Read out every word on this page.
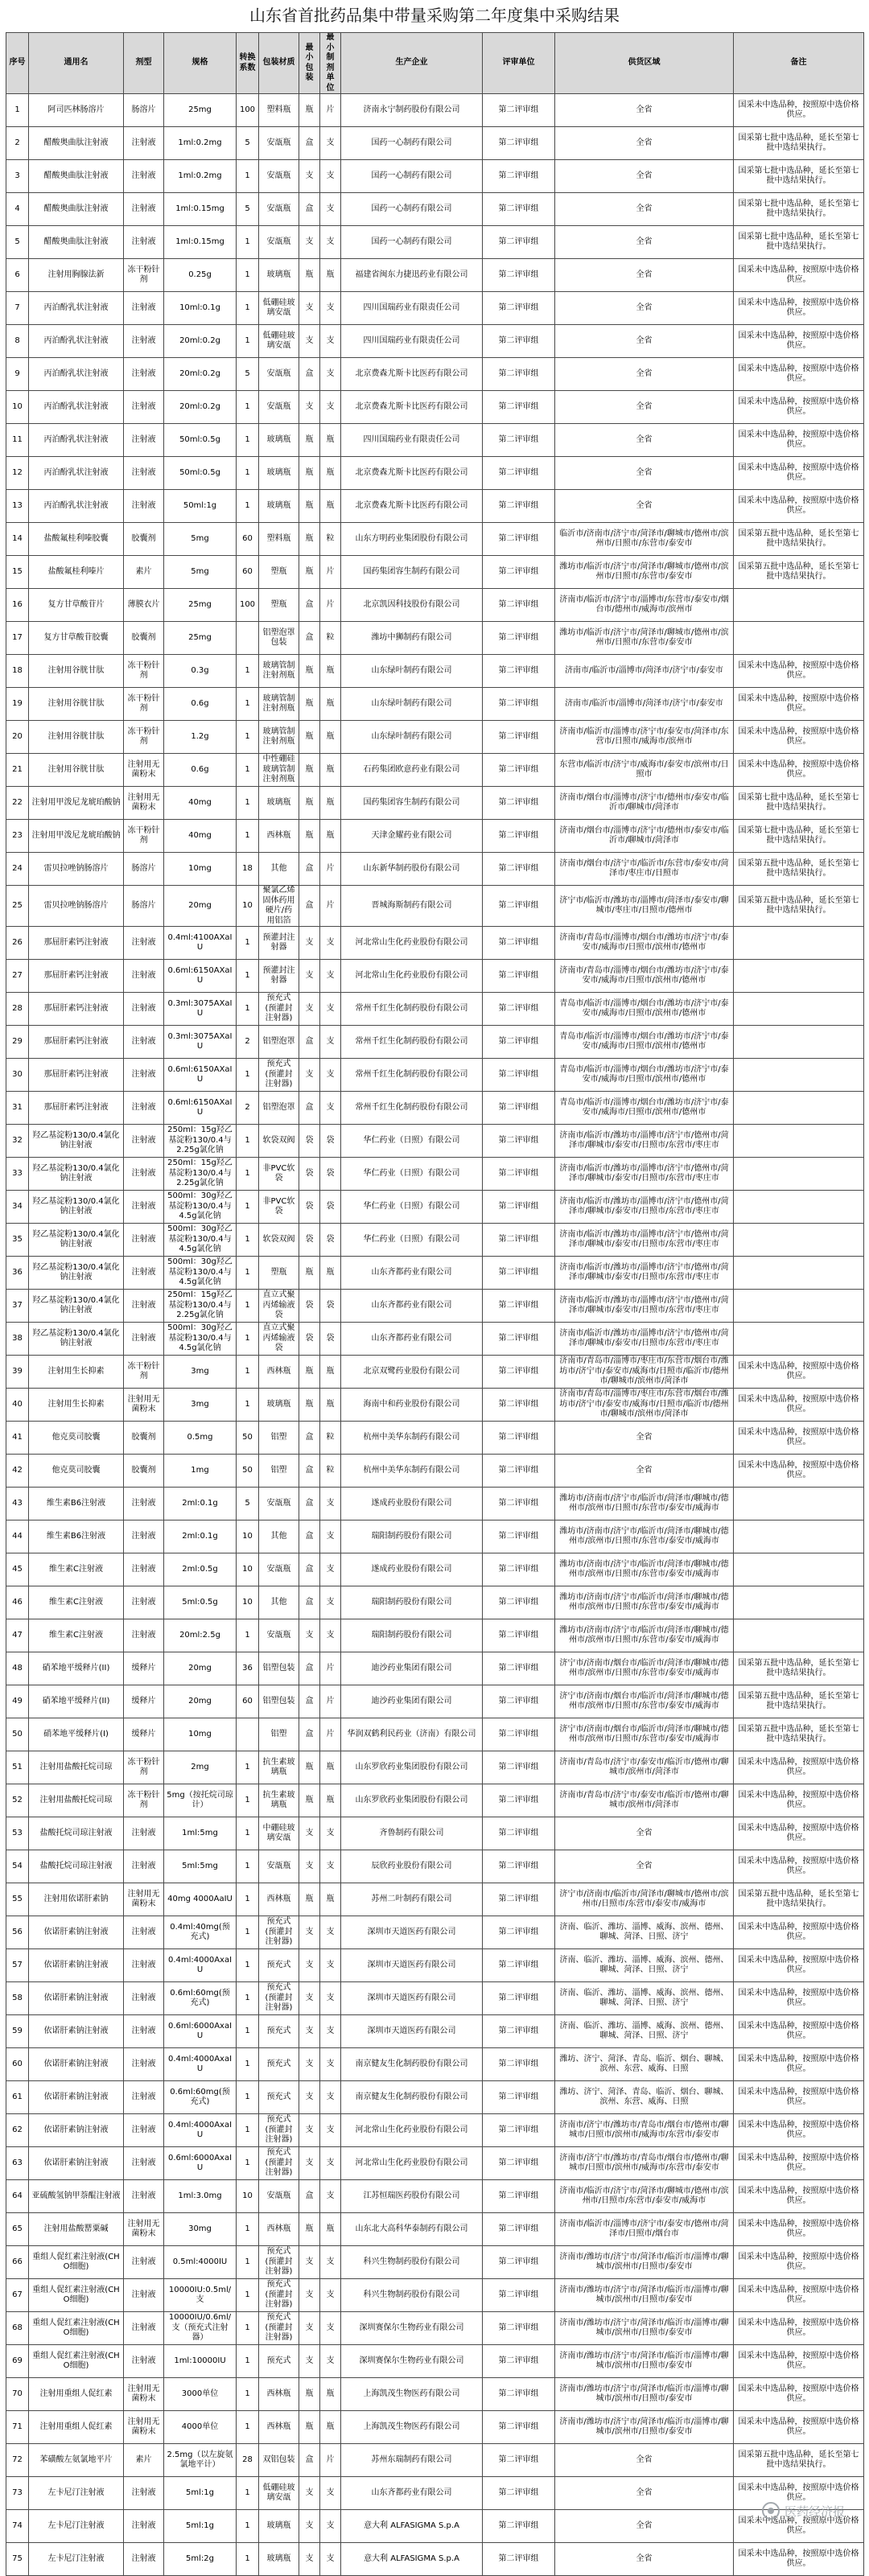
山东省首批药品集中带量采购第二年度集中采购结果
序号	通用名	剂型	规格	转换系数	包装材质	最小包装	最小制剂单位	生产企业	评审单位	供货区域	备注
1	阿司匹林肠溶片	肠溶片	25mg	100	塑料瓶	瓶	片	济南永宁制药股份有限公司	第二评审组	全省	国采未中选品种，按照原中选价格供应。
2	醋酸奥曲肽注射液	注射液	1ml:0.2mg	5	安瓿瓶	盒	支	国药一心制药有限公司	第二评审组	全省	国采第七批中选品种，延长至第七批中选结果执行。
3	醋酸奥曲肽注射液	注射液	1ml:0.2mg	1	安瓿瓶	支	支	国药一心制药有限公司	第二评审组	全省	国采第七批中选品种，延长至第七批中选结果执行。
4	醋酸奥曲肽注射液	注射液	1ml:0.15mg	5	安瓿瓶	盒	支	国药一心制药有限公司	第二评审组	全省	国采第七批中选品种，延长至第七批中选结果执行。
5	醋酸奥曲肽注射液	注射液	1ml:0.15mg	1	安瓿瓶	支	支	国药一心制药有限公司	第二评审组	全省	国采第七批中选品种，延长至第七批中选结果执行。
6	注射用胸腺法新	冻干粉针剂	0.25g	1	玻璃瓶	瓶	瓶	福建省闽东力捷迅药业有限公司	第二评审组	全省	国采未中选品种，按照原中选价格供应。
7	丙泊酚乳状注射液	注射液	10ml:0.1g	1	低硼硅玻璃安瓿	支	支	四川国瑞药业有限责任公司	第二评审组	全省	国采未中选品种，按照原中选价格供应。
8	丙泊酚乳状注射液	注射液	20ml:0.2g	1	低硼硅玻璃安瓿	支	支	四川国瑞药业有限责任公司	第二评审组	全省	国采未中选品种，按照原中选价格供应。
9	丙泊酚乳状注射液	注射液	20ml:0.2g	5	安瓿瓶	盒	支	北京费森尤斯卡比医药有限公司	第二评审组	全省	国采未中选品种，按照原中选价格供应。
10	丙泊酚乳状注射液	注射液	20ml:0.2g	1	安瓿瓶	支	支	北京费森尤斯卡比医药有限公司	第二评审组	全省	国采未中选品种，按照原中选价格供应。
11	丙泊酚乳状注射液	注射液	50ml:0.5g	1	玻璃瓶	瓶	瓶	四川国瑞药业有限责任公司	第二评审组	全省	国采未中选品种，按照原中选价格供应。
12	丙泊酚乳状注射液	注射液	50ml:0.5g	1	玻璃瓶	瓶	瓶	北京费森尤斯卡比医药有限公司	第二评审组	全省	国采未中选品种，按照原中选价格供应。
13	丙泊酚乳状注射液	注射液	50ml:1g	1	玻璃瓶	瓶	瓶	北京费森尤斯卡比医药有限公司	第二评审组	全省	国采未中选品种，按照原中选价格供应。
14	盐酸氟桂利嗪胶囊	胶囊剂	5mg	60	塑料瓶	瓶	粒	山东方明药业集团股份有限公司	第二评审组	临沂市/济南市/济宁市/菏泽市/聊城市/德州市/滨州市/日照市/东营市/泰安市	国采第五批中选品种，延长至第七批中选结果执行。
15	盐酸氟桂利嗪片	素片	5mg	60	塑瓶	瓶	片	国药集团容生制药有限公司	第二评审组	潍坊市/临沂市/济宁市/菏泽市/聊城市/德州市/滨州市/日照市/东营市/泰安市	国采第五批中选品种，延长至第七批中选结果执行。
16	复方甘草酸苷片	薄膜衣片	25mg	100	塑瓶	盒	片	北京凯因科技股份有限公司	第二评审组	济南市/临沂市/济宁市/淄博市/东营市/泰安市/烟台市/德州市/威海市/滨州市	
17	复方甘草酸苷胶囊	胶囊剂	25mg		铝塑泡罩包装	盒	粒	潍坊中狮制药有限公司	第二评审组	潍坊市/临沂市/济宁市/菏泽市/聊城市/德州市/滨州市/日照市/东营市/泰安市	
18	注射用谷胱甘肽	冻干粉针剂	0.3g	1	玻璃管制注射剂瓶	瓶	瓶	山东绿叶制药有限公司	第二评审组	济南市/临沂市/淄博市/菏泽市/济宁市/泰安市	国采未中选品种，按照原中选价格供应。
19	注射用谷胱甘肽	冻干粉针剂	0.6g	1	玻璃管制注射剂瓶	瓶	瓶	山东绿叶制药有限公司	第二评审组	济南市/临沂市/淄博市/菏泽市/济宁市/泰安市	国采未中选品种，按照原中选价格供应。
20	注射用谷胱甘肽	冻干粉针剂	1.2g	1	玻璃管制注射剂瓶	瓶	瓶	山东绿叶制药有限公司	第二评审组	济南市/临沂市/淄博市/济宁市/泰安市/菏泽市/东营市/日照市/威海市/滨州市	国采未中选品种，按照原中选价格供应。
21	注射用谷胱甘肽	注射用无菌粉末	0.6g	1	中性硼硅玻璃管制注射剂瓶	瓶	瓶	石药集团欧意药业有限公司	第二评审组	东营市/临沂市/济宁市/威海市/泰安市/滨州市/日照市	国采未中选品种，按照原中选价格供应。
22	注射用甲泼尼龙琥珀酸钠	注射用无菌粉末	40mg	1	玻璃瓶	瓶	瓶	国药集团容生制药有限公司	第二评审组	济南市/烟台市/淄博市/济宁市/德州市/泰安市/临沂市/聊城市/菏泽市	国采第七批中选品种，延长至第七批中选结果执行。
23	注射用甲泼尼龙琥珀酸钠	冻干粉针剂	40mg	1	西林瓶	瓶	瓶	天津金耀药业有限公司	第二评审组	济南市/烟台市/淄博市/济宁市/德州市/泰安市/临沂市/聊城市/菏泽市	国采第七批中选品种，延长至第七批中选结果执行。
24	雷贝拉唑钠肠溶片	肠溶片	10mg	18	其他	盒	片	山东新华制药股份有限公司	第二评审组	济南市/烟台市/济宁市/临沂市/东营市/泰安市/菏泽市/枣庄市/日照市	国采第五批中选品种，延长至第七批中选结果执行。
25	雷贝拉唑钠肠溶片	肠溶片	20mg	10	聚氯乙烯固体药用硬片/药用铝箔	盒	片	晋城海斯制药有限公司	第二评审组	济宁市/临沂市/潍坊市/淄博市/菏泽市/泰安市/聊城市/枣庄市/日照市/德州市	国采第五批中选品种，延长至第七批中选结果执行。
26	那屈肝素钙注射液	注射液	0.4ml:4100AXaIU	1	预灌封注射器	支	支	河北常山生化药业股份有限公司	第二评审组	济南市/青岛市/淄博市/烟台市/潍坊市/济宁市/泰安市/威海市/日照市/滨州市/德州市	
27	那屈肝素钙注射液	注射液	0.6ml:6150AXaIU	1	预灌封注射器	支	支	河北常山生化药业股份有限公司	第二评审组	济南市/青岛市/淄博市/烟台市/潍坊市/济宁市/泰安市/威海市/日照市/滨州市/德州市	
28	那屈肝素钙注射液	注射液	0.3ml:3075AXaIU	1	预充式(预灌封注射器)	支	支	常州千红生化制药股份有限公司	第二评审组	青岛市/临沂市/淄博市/烟台市/潍坊市/济宁市/泰安市/威海市/日照市/滨州市/德州市	
29	那屈肝素钙注射液	注射液	0.3ml:3075AXaIU	2	铝塑泡罩	盒	支	常州千红生化制药股份有限公司	第二评审组	青岛市/临沂市/淄博市/烟台市/潍坊市/济宁市/泰安市/威海市/日照市/滨州市/德州市	
30	那屈肝素钙注射液	注射液	0.6ml:6150AXaIU	1	预充式(预灌封注射器)	支	支	常州千红生化制药股份有限公司	第二评审组	青岛市/临沂市/淄博市/烟台市/潍坊市/济宁市/泰安市/威海市/日照市/滨州市/德州市	
31	那屈肝素钙注射液	注射液	0.6ml:6150AXaIU	2	铝塑泡罩	盒	支	常州千红生化制药股份有限公司	第二评审组	青岛市/临沂市/淄博市/烟台市/潍坊市/济宁市/泰安市/威海市/日照市/滨州市/德州市	
32	羟乙基淀粉130/0.4氯化钠注射液	注射液	250ml：15g羟乙基淀粉130/0.4与2.25g氯化钠	1	软袋双阀	袋	袋	华仁药业（日照）有限公司	第二评审组	济南市/临沂市/潍坊市/淄博市/济宁市/德州市/菏泽市/聊城市/泰安市/日照市/东营市/枣庄市	
33	羟乙基淀粉130/0.4氯化钠注射液	注射液	250ml：15g羟乙基淀粉130/0.4与2.25g氯化钠	1	非PVC软袋	袋	袋	华仁药业（日照）有限公司	第二评审组	济南市/临沂市/潍坊市/淄博市/济宁市/德州市/菏泽市/聊城市/泰安市/日照市/东营市/枣庄市	
34	羟乙基淀粉130/0.4氯化钠注射液	注射液	500ml：30g羟乙基淀粉130/0.4与4.5g氯化钠	1	非PVC软袋	袋	袋	华仁药业（日照）有限公司	第二评审组	济南市/临沂市/潍坊市/淄博市/济宁市/德州市/菏泽市/聊城市/泰安市/日照市/东营市/枣庄市	
35	羟乙基淀粉130/0.4氯化钠注射液	注射液	500ml：30g羟乙基淀粉130/0.4与4.5g氯化钠	1	软袋双阀	袋	袋	华仁药业（日照）有限公司	第二评审组	济南市/临沂市/潍坊市/淄博市/济宁市/德州市/菏泽市/聊城市/泰安市/日照市/东营市/枣庄市	
36	羟乙基淀粉130/0.4氯化钠注射液	注射液	500ml：30g羟乙基淀粉130/0.4与4.5g氯化钠	1	塑瓶	瓶	瓶	山东齐都药业有限公司	第二评审组	济南市/临沂市/潍坊市/淄博市/济宁市/德州市/菏泽市/聊城市/泰安市/日照市/东营市/枣庄市	
37	羟乙基淀粉130/0.4氯化钠注射液	注射液	250ml：15g羟乙基淀粉130/0.4与2.25g氯化钠	1	直立式聚丙烯输液袋	袋	袋	山东齐都药业有限公司	第二评审组	济南市/临沂市/潍坊市/淄博市/济宁市/德州市/菏泽市/聊城市/泰安市/日照市/东营市/枣庄市	
38	羟乙基淀粉130/0.4氯化钠注射液	注射液	500ml：30g羟乙基淀粉130/0.4与4.5g氯化钠	1	直立式聚丙烯输液袋	袋	袋	山东齐都药业有限公司	第二评审组	济南市/临沂市/潍坊市/淄博市/济宁市/德州市/菏泽市/聊城市/泰安市/日照市/东营市/枣庄市	
39	注射用生长抑素	冻干粉针剂	3mg	1	西林瓶	瓶	瓶	北京双鹭药业股份有限公司	第二评审组	济南市/青岛市/淄博市/枣庄市/东营市/烟台市/潍坊市/济宁市/泰安市/威海市/日照市/临沂市/德州市/聊城市/滨州市/菏泽市	国采未中选品种，按照原中选价格供应。
40	注射用生长抑素	注射用无菌粉末	3mg	1	玻璃瓶	瓶	瓶	海南中和药业股份有限公司	第二评审组	济南市/青岛市/淄博市/枣庄市/东营市/烟台市/潍坊市/济宁市/泰安市/威海市/日照市/临沂市/德州市/聊城市/滨州市/菏泽市	国采未中选品种，按照原中选价格供应。
41	他克莫司胶囊	胶囊剂	0.5mg	50	铝塑	盒	粒	杭州中美华东制药有限公司	第二评审组	全省	国采未中选品种，按照原中选价格供应。
42	他克莫司胶囊	胶囊剂	1mg	50	铝塑	盒	粒	杭州中美华东制药有限公司	第二评审组	全省	国采未中选品种，按照原中选价格供应。
43	维生素B6注射液	注射液	2ml:0.1g	5	安瓿瓶	盒	支	遂成药业股份有限公司	第二评审组	潍坊市/济南市/济宁市/临沂市/菏泽市/聊城市/德州市/滨州市/日照市/东营市/泰安市/威海市	
44	维生素B6注射液	注射液	2ml:0.1g	10	其他	盒	支	瑞阳制药股份有限公司	第二评审组	潍坊市/济南市/济宁市/临沂市/菏泽市/聊城市/德州市/滨州市/日照市/东营市/泰安市/威海市	
45	维生素C注射液	注射液	2ml:0.5g	10	安瓿瓶	盒	支	遂成药业股份有限公司	第二评审组	潍坊市/济南市/济宁市/临沂市/菏泽市/聊城市/德州市/滨州市/日照市/东营市/泰安市/威海市	
46	维生素C注射液	注射液	5ml:0.5g	10	其他	盒	支	瑞阳制药股份有限公司	第二评审组	潍坊市/济南市/济宁市/临沂市/菏泽市/聊城市/德州市/滨州市/日照市/东营市/泰安市/威海市	
47	维生素C注射液	注射液	20ml:2.5g	1	安瓿瓶	支	支	瑞阳制药股份有限公司	第二评审组	潍坊市/济南市/济宁市/临沂市/菏泽市/聊城市/德州市/滨州市/日照市/东营市/泰安市/威海市	
48	硝苯地平缓释片(II)	缓释片	20mg	36	铝塑包装	盒	片	迪沙药业集团有限公司	第二评审组	济宁市/济南市/烟台市/临沂市/菏泽市/聊城市/德州市/滨州市/日照市/东营市/泰安市/威海市	国采第五批中选品种，延长至第七批中选结果执行。
49	硝苯地平缓释片(II)	缓释片	20mg	60	铝塑包装	盒	片	迪沙药业集团有限公司	第二评审组	济宁市/济南市/烟台市/临沂市/菏泽市/聊城市/德州市/滨州市/日照市/东营市/泰安市/威海市	国采第五批中选品种，延长至第七批中选结果执行。
50	硝苯地平缓释片(I)	缓释片	10mg		铝塑	盒	片	华润双鹤利民药业（济南）有限公司	第二评审组	济宁市/济南市/烟台市/临沂市/菏泽市/聊城市/德州市/滨州市/日照市/东营市/泰安市/威海市	国采第五批中选品种，延长至第七批中选结果执行。
51	注射用盐酸托烷司琼	冻干粉针剂	2mg	1	抗生素玻璃瓶	瓶	瓶	山东罗欣药业集团股份有限公司	第二评审组	济南市/青岛市/济宁市/泰安市/临沂市/德州市/聊城市/滨州市/菏泽市	国采未中选品种，按照原中选价格供应。
52	注射用盐酸托烷司琼	冻干粉针剂	5mg（按托烷司琼计）	1	抗生素玻璃瓶	瓶	瓶	山东罗欣药业集团股份有限公司	第二评审组	济南市/青岛市/济宁市/泰安市/临沂市/德州市/聊城市/滨州市/菏泽市	国采未中选品种，按照原中选价格供应。
53	盐酸托烷司琼注射液	注射液	1ml:5mg	1	中硼硅玻璃安瓿	支	支	齐鲁制药有限公司	第二评审组	全省	国采未中选品种，按照原中选价格供应。
54	盐酸托烷司琼注射液	注射液	5ml:5mg	1	安瓿瓶	支	支	辰欣药业股份有限公司	第二评审组	全省	国采未中选品种，按照原中选价格供应。
55	注射用依诺肝素钠	注射用无菌粉末	40mg 4000AaIU	1	西林瓶	瓶	瓶	苏州二叶制药有限公司	第二评审组	济宁市/济南市/临沂市/菏泽市/聊城市/德州市/滨州市/日照市/东营市/泰安市/威海市	国采第五批中选品种，延长至第七批中选结果执行。
56	依诺肝素钠注射液	注射液	0.4ml:40mg(预充式)	1	预充式(预灌封注射器)	支	支	深圳市天道医药有限公司	第二评审组	济南、临沂、潍坊、淄博、威海、滨州、德州、聊城、菏泽、日照、济宁	国采未中选品种，按照原中选价格供应。
57	依诺肝素钠注射液	注射液	0.4ml:4000AxaIU	1	预充式	支	支	深圳市天道医药有限公司	第二评审组	济南、临沂、潍坊、淄博、威海、滨州、德州、聊城、菏泽、日照、济宁	国采未中选品种，按照原中选价格供应。
58	依诺肝素钠注射液	注射液	0.6ml:60mg(预充式)	1	预充式(预灌封注射器)	支	支	深圳市天道医药有限公司	第二评审组	济南、临沂、潍坊、淄博、威海、滨州、德州、聊城、菏泽、日照、济宁	国采未中选品种，按照原中选价格供应。
59	依诺肝素钠注射液	注射液	0.6ml:6000AxaIU	1	预充式	支	支	深圳市天道医药有限公司	第二评审组	济南、临沂、潍坊、淄博、威海、滨州、德州、聊城、菏泽、日照、济宁	国采未中选品种，按照原中选价格供应。
60	依诺肝素钠注射液	注射液	0.4ml:4000AxaIU	1	预充式	支	支	南京健友生化制药股份有限公司	第二评审组	潍坊、济宁、菏泽、青岛、临沂、烟台、聊城、滨州、东营、威海、日照	国采未中选品种，按照原中选价格供应。
61	依诺肝素钠注射液	注射液	0.6ml:60mg(预充式)	1	预充式	支	支	南京健友生化制药股份有限公司	第二评审组	潍坊、济宁、菏泽、青岛、临沂、烟台、聊城、滨州、东营、威海、日照	国采未中选品种，按照原中选价格供应。
62	依诺肝素钠注射液	注射液	0.4ml:4000AxaIU	1	预充式(预灌封注射器)	支	支	河北常山生化药业股份有限公司	第二评审组	济南市/济宁市/潍坊市/青岛市/烟台市/德州市/聊城市/日照市/滨州市/威海市/东营市/泰安市	国采未中选品种，按照原中选价格供应。
63	依诺肝素钠注射液	注射液	0.6ml:6000AxaIU	1	预充式(预灌封注射器)	支	支	河北常山生化药业股份有限公司	第二评审组	济南市/济宁市/潍坊市/青岛市/烟台市/德州市/聊城市/日照市/滨州市/威海市/东营市/泰安市	国采未中选品种，按照原中选价格供应。
64	亚硫酸氢钠甲萘醌注射液	注射液	1ml:3.0mg	10	安瓿瓶	盒	支	江苏恒瑞医药股份有限公司	第二评审组	济南市/临沂市/济宁市/菏泽市/聊城市/德州市/滨州市/日照市/东营市/泰安市/威海市	国采未中选品种，按照原中选价格供应。
65	注射用盐酸罂粟碱	注射用无菌粉末	30mg	1	西林瓶	瓶	瓶	山东北大高科华泰制药有限公司	第二评审组	济南市/临沂市/淄博市/济宁市/泰安市/德州市/菏泽市/日照市/烟台市	国采未中选品种，按照原中选价格供应。
66	重组人促红素注射液(CHO细胞)	注射液	0.5ml:4000IU	1	预充式(预灌封注射器)	支	支	科兴生物制药股份有限公司	第二评审组	济南市/潍坊市/济宁市/菏泽市/临沂市/淄博市/聊城市/滨州市/日照市/泰安市	国采未中选品种，按照原中选价格供应。
67	重组人促红素注射液(CHO细胞)	注射液	10000IU:0.5ml/支	1	预充式(预灌封注射器)	支	支	科兴生物制药股份有限公司	第二评审组	济南市/潍坊市/济宁市/菏泽市/临沂市/淄博市/聊城市/滨州市/日照市/泰安市	国采未中选品种，按照原中选价格供应。
68	重组人促红素注射液(CHO细胞)	注射液	10000IU/0.6ml/支（预充式注射器）	1	预充式(预灌封注射器)	支	支	深圳赛保尔生物药业有限公司	第二评审组	济南市/潍坊市/济宁市/菏泽市/临沂市/淄博市/聊城市/滨州市/日照市/泰安市	国采未中选品种，按照原中选价格供应。
69	重组人促红素注射液(CHO细胞)	注射液	1ml:10000IU	1	预充式	支	支	深圳赛保尔生物药业有限公司	第二评审组	济南市/潍坊市/济宁市/菏泽市/临沂市/淄博市/聊城市/滨州市/日照市/泰安市	国采未中选品种，按照原中选价格供应。
70	注射用重组人促红素	注射用无菌粉末	3000单位	1	西林瓶	瓶	瓶	上海凯茂生物医药有限公司	第二评审组	济南市/潍坊市/济宁市/菏泽市/临沂市/淄博市/聊城市/滨州市/日照市/泰安市	国采未中选品种，按照原中选价格供应。
71	注射用重组人促红素	注射用无菌粉末	4000单位	1	西林瓶	瓶	瓶	上海凯茂生物医药有限公司	第二评审组	济南市/潍坊市/济宁市/菏泽市/临沂市/淄博市/聊城市/滨州市/日照市/泰安市	国采未中选品种，按照原中选价格供应。
72	苯磺酸左氨氯地平片	素片	2.5mg（以左旋氨氯地平计）	28	双铝包装	盒	片	苏州东瑞制药有限公司	第二评审组	全省	国采第五批中选品种，延长至第七批中选结果执行。
73	左卡尼汀注射液	注射液	5ml:1g	1	低硼硅玻璃安瓿	支	支	山东齐都药业有限公司	第二评审组	全省	国采未中选品种，按照原中选价格供应。
74	左卡尼汀注射液	注射液	5ml:1g	1	玻璃瓶	支	支	意大利 ALFASIGMA S.p.A	第二评审组	全省	国采未中选品种，按照原中选价格供应。
75	左卡尼汀注射液	注射液	5ml:2g	1	玻璃瓶	支	支	意大利 ALFASIGMA S.p.A	第二评审组	全省	国采未中选品种，按照原中选价格供应。
医药经济报
